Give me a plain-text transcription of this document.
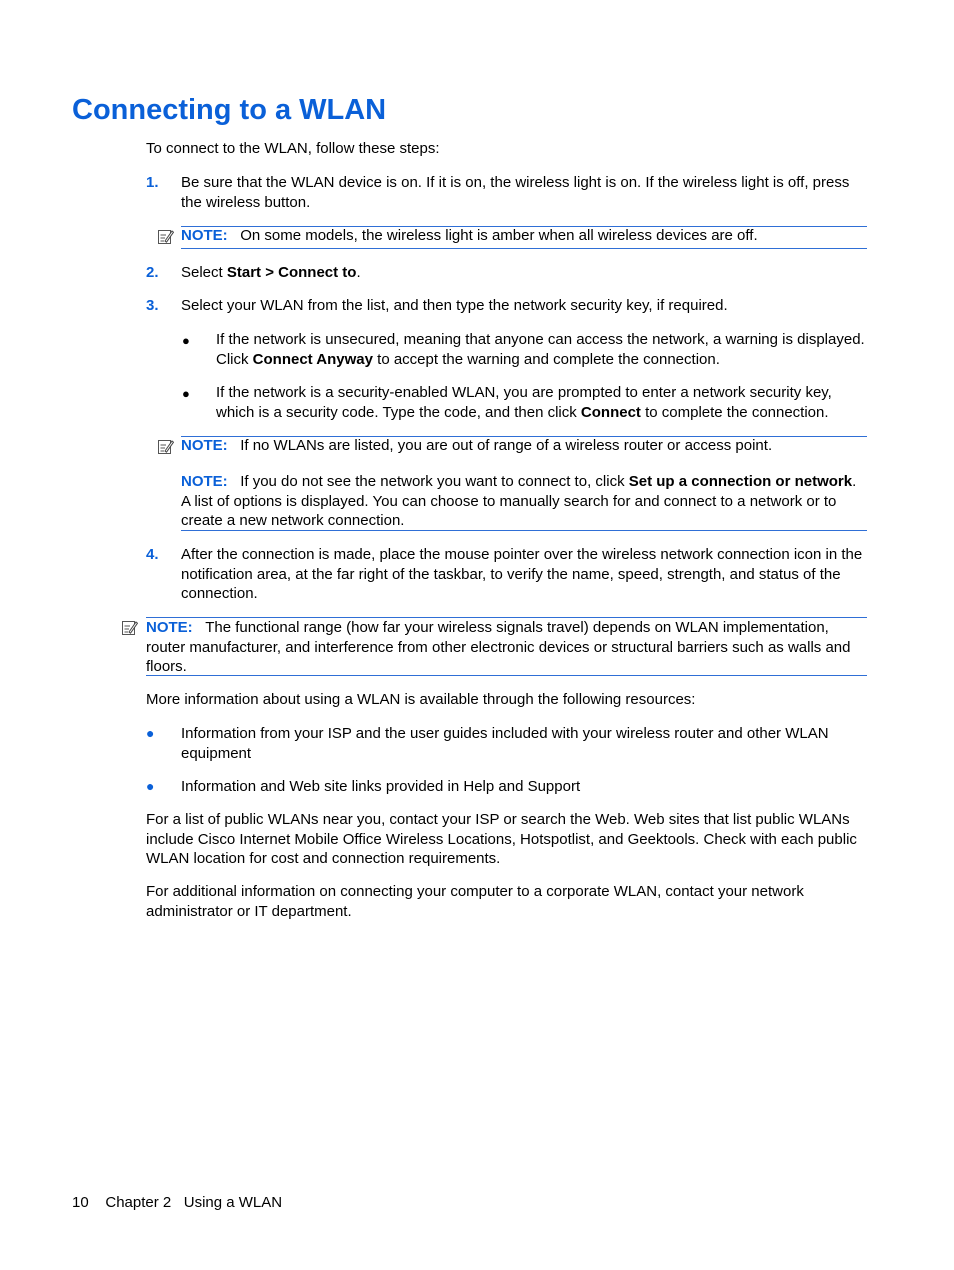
Connecting to a WLAN
To connect to the WLAN, follow these steps:
1. Be sure that the WLAN device is on. If it is on, the wireless light is on. If the wireless light is off, press the wireless button.
NOTE: On some models, the wireless light is amber when all wireless devices are off.
2. Select Start > Connect to.
3. Select your WLAN from the list, and then type the network security key, if required.
● If the network is unsecured, meaning that anyone can access the network, a warning is displayed. Click Connect Anyway to accept the warning and complete the connection.
● If the network is a security-enabled WLAN, you are prompted to enter a network security key, which is a security code. Type the code, and then click Connect to complete the connection.
NOTE: If no WLANs are listed, you are out of range of a wireless router or access point.
NOTE: If you do not see the network you want to connect to, click Set up a connection or network. A list of options is displayed. You can choose to manually search for and connect to a network or to create a new network connection.
4. After the connection is made, place the mouse pointer over the wireless network connection icon in the notification area, at the far right of the taskbar, to verify the name, speed, strength, and status of the connection.
NOTE: The functional range (how far your wireless signals travel) depends on WLAN implementation, router manufacturer, and interference from other electronic devices or structural barriers such as walls and floors.
More information about using a WLAN is available through the following resources:
● Information from your ISP and the user guides included with your wireless router and other WLAN equipment
● Information and Web site links provided in Help and Support
For a list of public WLANs near you, contact your ISP or search the Web. Web sites that list public WLANs include Cisco Internet Mobile Office Wireless Locations, Hotspotlist, and Geektools. Check with each public WLAN location for cost and connection requirements.
For additional information on connecting your computer to a corporate WLAN, contact your network administrator or IT department.
10 Chapter 2 Using a WLAN
